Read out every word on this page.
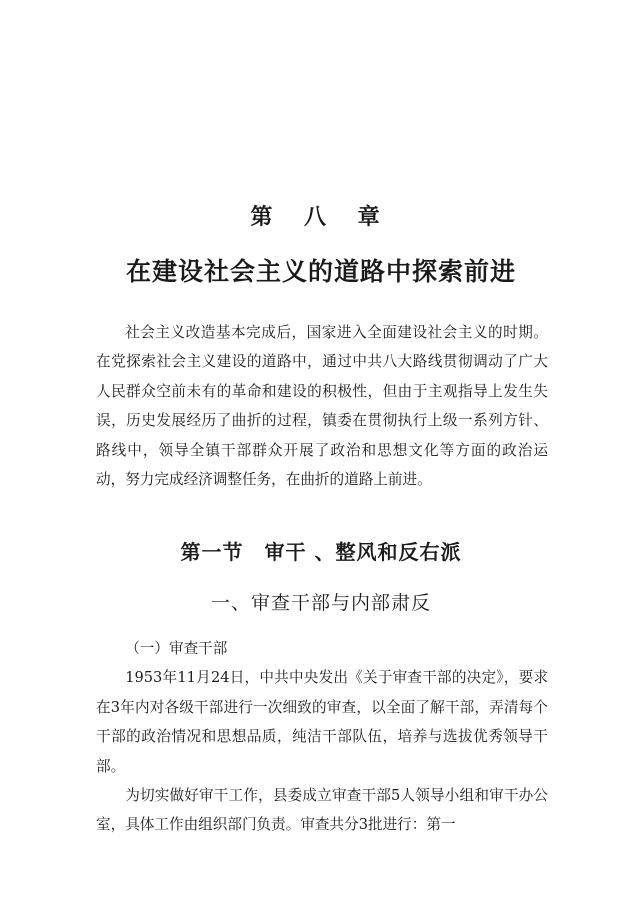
第 八 章
在建设社会主义的道路中探索前进

社会主义改造基本完成后，国家进入全面建设社会主义的时期。在党探索社会主义建设的道路中，通过中共八大路线贯彻调动了广大人民群众空前未有的革命和建设的积极性，但由于主观指导上发生失误，历史发展经历了曲折的过程，镇委在贯彻执行上级一系列方针、路线中，领导全镇干部群众开展了政治和思想文化等方面的政治运动，努力完成经济调整任务，在曲折的道路上前进。

第一节　审干 、整风和反右派
一、审查干部与内部肃反

（一）审查干部

1953年11月24日，中共中央发出《关于审查干部的决定》，要求在3年内对各级干部进行一次细致的审查，以全面了解干部，弄清每个干部的政治情况和思想品质，纯洁干部队伍，培养与选拔优秀领导干部。

为切实做好审干工作，县委成立审查干部5人领导小组和审干办公室，具体工作由组织部门负责。审查共分3批进行：第一
